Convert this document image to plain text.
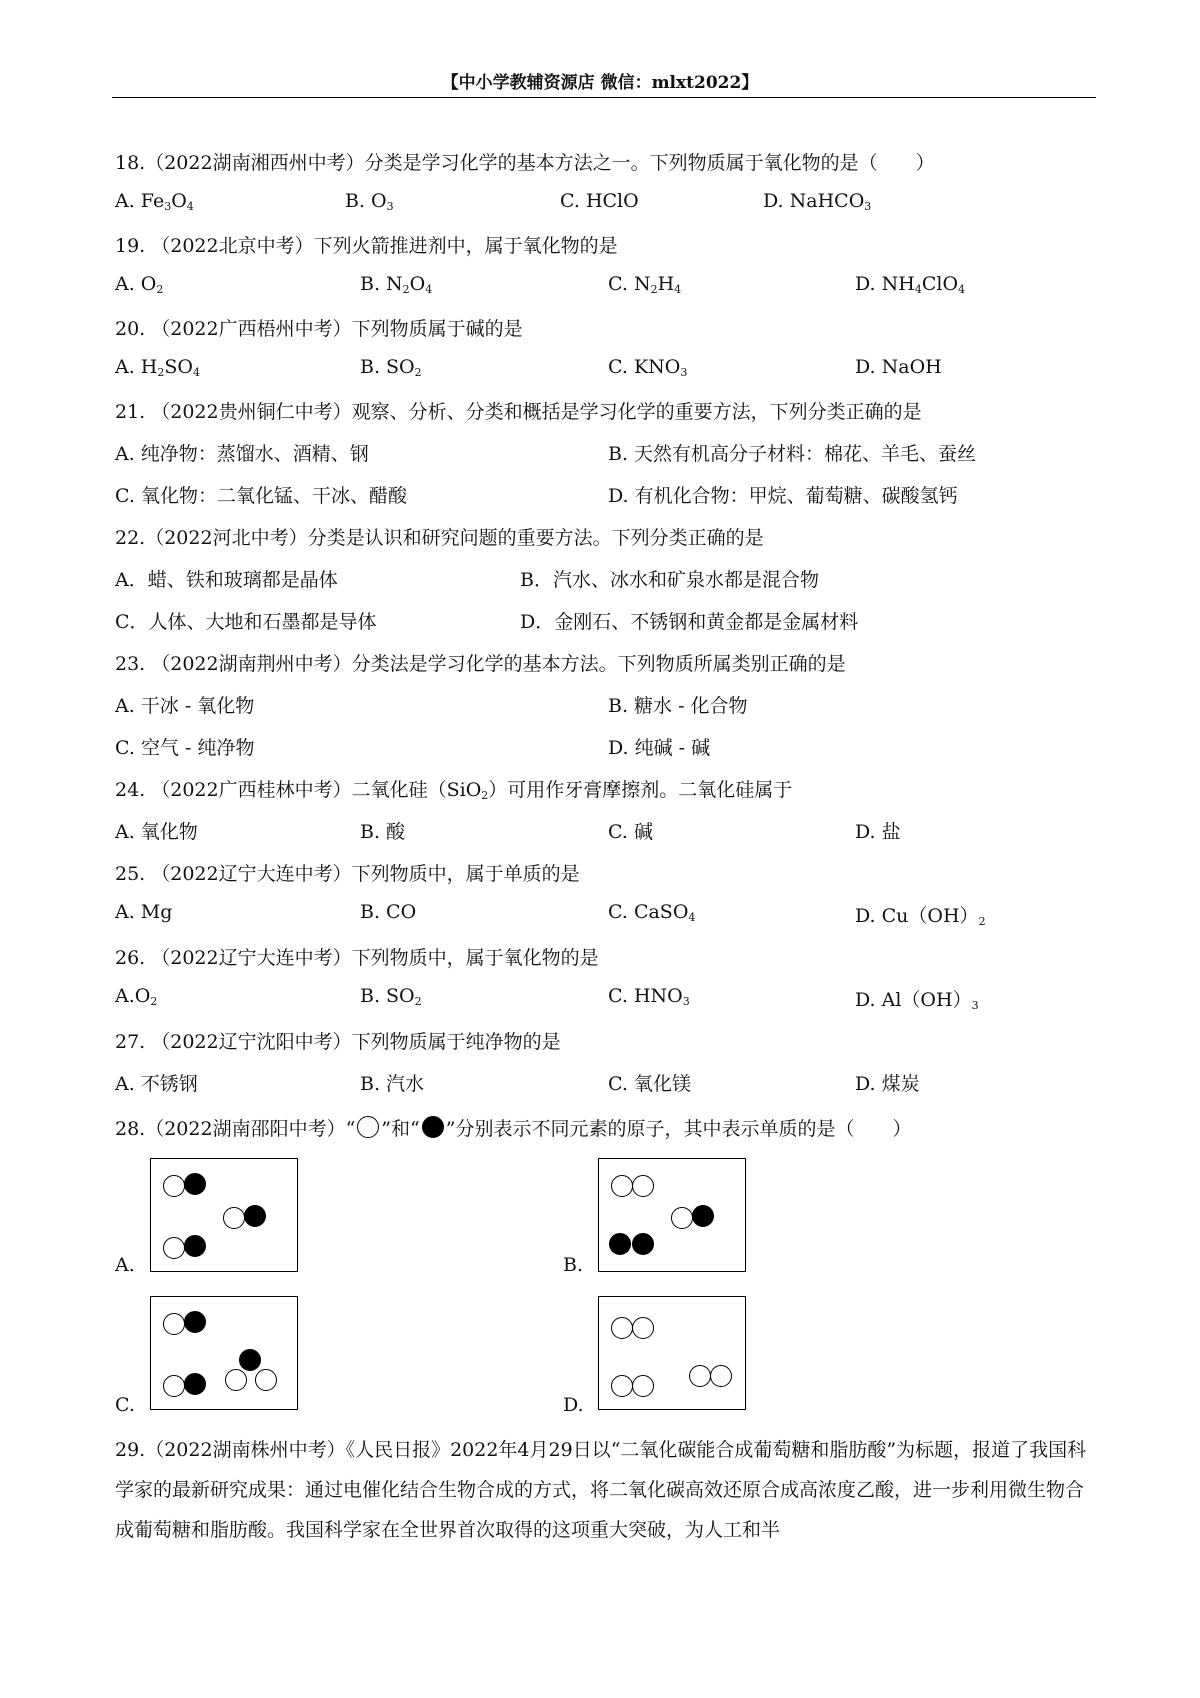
【中小学教辅资源店 微信：mlxt2022】
18.（2022湖南湘西州中考）分类是学习化学的基本方法之一。下列物质属于氧化物的是（　　）
A. $Fe_3O_4$	B. $O_3$	C. HClO	D. NaHCO$_3$
19. （2022北京中考）下列火箭推进剂中，属于氧化物的是
A. $O_2$	B. $N_2O_4$	C. $N_2H_4$	D. $NH_4ClO_4$
20. （2022广西梧州中考）下列物质属于碱的是
A. $H_2SO_4$	B. $SO_2$	C. $KNO_3$	D. NaOH
21. （2022贵州铜仁中考）观察、分析、分类和概括是学习化学的重要方法，下列分类正确的是
A. 纯净物：蒸馏水、酒精、钢	B. 天然有机高分子材料：棉花、羊毛、蚕丝
C. 氧化物：二氧化锰、干冰、醋酸	D. 有机化合物：甲烷、葡萄糖、碳酸氢钙
22.（2022河北中考）分类是认识和研究问题的重要方法。下列分类正确的是
A．蜡、铁和玻璃都是晶体	B．汽水、冰水和矿泉水都是混合物
C．人体、大地和石墨都是导体	D．金刚石、不锈钢和黄金都是金属材料
23. （2022湖南荆州中考）分类法是学习化学的基本方法。下列物质所属类别正确的是
A. 干冰 - 氧化物	B. 糖水 - 化合物
C. 空气 - 纯净物	D. 纯碱 - 碱
24. （2022广西桂林中考）二氧化硅（SiO$_2$）可用作牙膏摩擦剂。二氧化硅属于
A. 氧化物	B. 酸	C. 碱	D. 盐
25. （2022辽宁大连中考）下列物质中，属于单质的是
A. Mg	B. CO	C. CaSO$_4$	D. $Cu(OH)_2$
26. （2022辽宁大连中考）下列物质中，属于氧化物的是
$A.O_2$	B. $SO_2$	C. $HNO_3$	D. $Al(OH)_3$
27. （2022辽宁沈阳中考）下列物质属于纯净物的是
A. 不锈钢	B. 汽水	C. 氧化镁	D. 煤炭
28.（2022湖南邵阳中考）“ ”和“ ”分别表示不同元素的原子，其中表示单质的是（　　）
A.	B.
C.	D.
29.（2022湖南株州中考）《人民日报》2022年4月29日以“二氧化碳能合成葡萄糖和脂肪酸”为标题，报道了我国科学家的最新研究成果：通过电催化结合生物合成的方式，将二氧化碳高效还原合成高浓度乙酸，进一步利用微生物合成葡萄糖和脂肪酸。我国科学家在全世界首次取得的这项重大突破，为人工和半
